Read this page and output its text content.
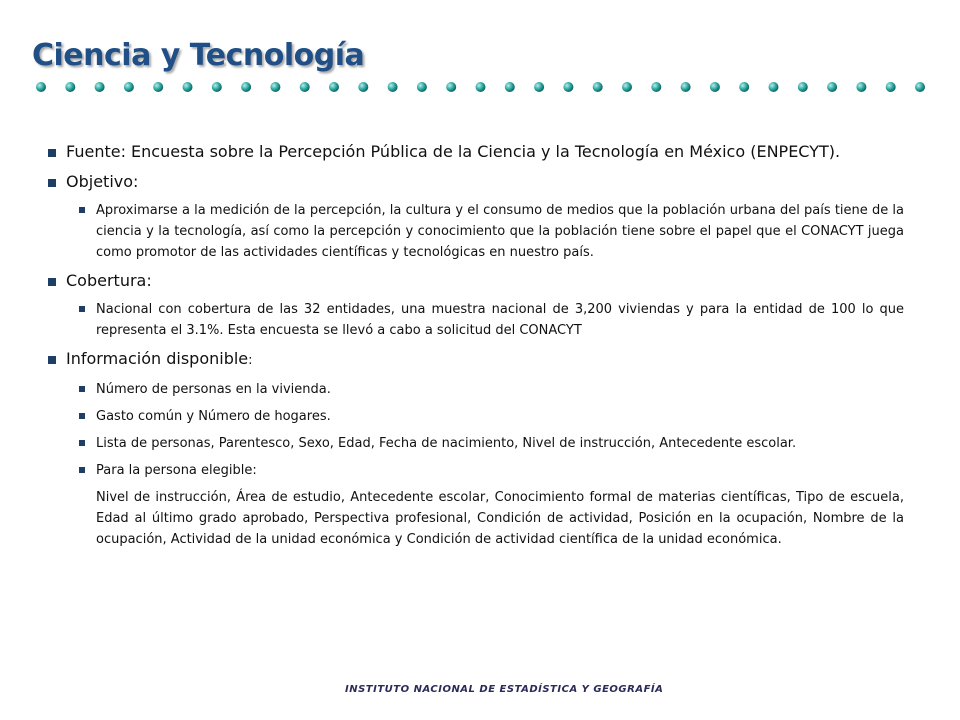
Ciencia y Tecnología

Fuente: Encuesta sobre la Percepción Pública de la Ciencia y la Tecnología en México (ENPECYT).

Objetivo:

Aproximarse a la medición de la percepción, la cultura y el consumo de medios que la población urbana del país tiene de la ciencia y la tecnología, así como la percepción y conocimiento que la población tiene sobre el papel que el CONACYT juega como promotor de las actividades científicas y tecnológicas en nuestro país.

Cobertura:

Nacional con cobertura de las 32 entidades, una muestra nacional de 3,200 viviendas y para la entidad de 100 lo que representa el 3.1%. Esta encuesta se llevó a cabo a solicitud del CONACYT

Información disponible:

Número de personas en la vivienda.

Gasto común y Número de hogares.

Lista de personas, Parentesco, Sexo, Edad, Fecha de nacimiento, Nivel de instrucción, Antecedente escolar.

Para la persona elegible:

Nivel de instrucción, Área de estudio, Antecedente escolar, Conocimiento formal de materias científicas, Tipo de escuela, Edad al último grado aprobado, Perspectiva profesional, Condición de actividad, Posición en la ocupación, Nombre de la ocupación, Actividad de la unidad económica y Condición de actividad científica de la unidad económica.

INSTITUTO NACIONAL DE ESTADÍSTICA Y GEOGRAFÍA
